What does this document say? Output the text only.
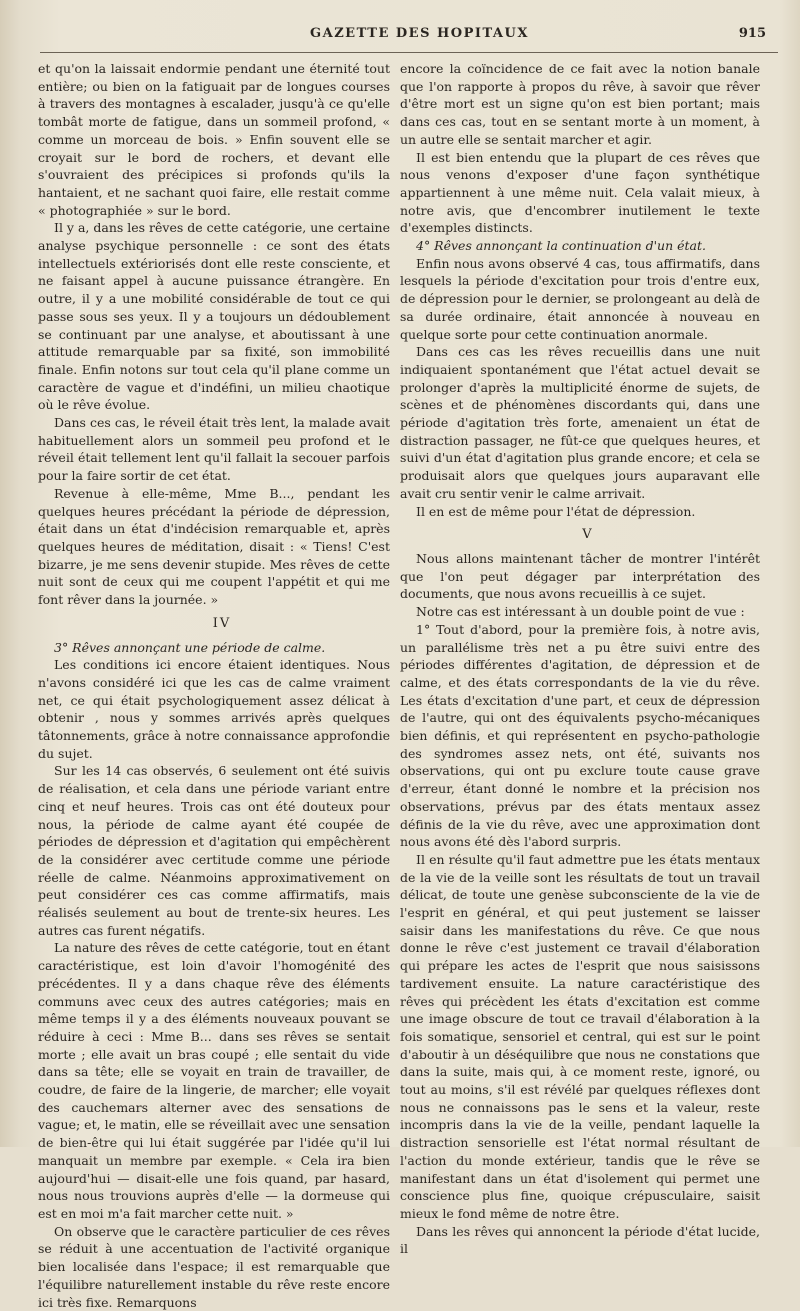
GAZETTE DES HOPITAUX	915

et qu'on la laissait endormie pendant une éternité tout entière; ou bien on la fatiguait par de longues courses à travers des montagnes à escalader, jusqu'à ce qu'elle tombât morte de fatigue, dans un sommeil profond, « comme un morceau de bois. » Enfin souvent elle se croyait sur le bord de rochers, et devant elle s'ouvraient des précipices si profonds qu'ils la hantaient, et ne sachant quoi faire, elle restait comme « photographiée » sur le bord.

Il y a, dans les rêves de cette catégorie, une certaine analyse psychique personnelle : ce sont des états intellectuels extériorisés dont elle reste consciente, et ne faisant appel à aucune puissance étrangère. En outre, il y a une mobilité considérable de tout ce qui passe sous ses yeux. Il y a toujours un dédoublement se continuant par une analyse, et aboutissant à une attitude remarquable par sa fixité, son immobilité finale. Enfin notons sur tout cela qu'il plane comme un caractère de vague et d'indéfini, un milieu chaotique où le rêve évolue.

Dans ces cas, le réveil était très lent, la malade avait habituellement alors un sommeil peu profond et le réveil était tellement lent qu'il fallait la secouer parfois pour la faire sortir de cet état.

Revenue à elle-même, Mme B..., pendant les quelques heures précédant la période de dépression, était dans un état d'indécision remarquable et, après quelques heures de méditation, disait : « Tiens! C'est bizarre, je me sens devenir stupide. Mes rêves de cette nuit sont de ceux qui me coupent l'appétit et qui me font rêver dans la journée. »

IV

3° Rêves annonçant une période de calme.

Les conditions ici encore étaient identiques. Nous n'avons considéré ici que les cas de calme vraiment net, ce qui était psychologiquement assez délicat à obtenir , nous y sommes arrivés après quelques tâtonnements, grâce à notre connaissance approfondie du sujet.

Sur les 14 cas observés, 6 seulement ont été suivis de réalisation, et cela dans une période variant entre cinq et neuf heures. Trois cas ont été douteux pour nous, la période de calme ayant été coupée de périodes de dépression et d'agitation qui empêchèrent de la considérer avec certitude comme une période réelle de calme. Néanmoins approximativement on peut considérer ces cas comme affirmatifs, mais réalisés seulement au bout de trente-six heures. Les autres cas furent négatifs.

La nature des rêves de cette catégorie, tout en étant caractéristique, est loin d'avoir l'homogénité des précédentes. Il y a dans chaque rêve des éléments communs avec ceux des autres catégories; mais en même temps il y a des éléments nouveaux pouvant se réduire à ceci : Mme B... dans ses rêves se sentait morte ; elle avait un bras coupé ; elle sentait du vide dans sa tête; elle se voyait en train de travailler, de coudre, de faire de la lingerie, de marcher; elle voyait des cauchemars alterner avec des sensations de vague; et, le matin, elle se réveillait avec une sensation de bien-être qui lui était suggérée par l'idée qu'il lui manquait un membre par exemple. « Cela ira bien aujourd'hui — disait-elle une fois quand, par hasard, nous nous trouvions auprès d'elle — la dormeuse qui est en moi m'a fait marcher cette nuit. »

On observe que le caractère particulier de ces rêves se réduit à une accentuation de l'activité organique bien localisée dans l'espace; il est remarquable que l'équilibre naturellement instable du rêve reste encore ici très fixe. Remarquons

encore la coïncidence de ce fait avec la notion banale que l'on rapporte à propos du rêve, à savoir que rêver d'être mort est un signe qu'on est bien portant; mais dans ces cas, tout en se sentant morte à un moment, à un autre elle se sentait marcher et agir.

Il est bien entendu que la plupart de ces rêves que nous venons d'exposer d'une façon synthétique appartiennent à une même nuit. Cela valait mieux, à notre avis, que d'encombrer inutilement le texte d'exemples distincts.

4° Rêves annonçant la continuation d'un état.

Enfin nous avons observé 4 cas, tous affirmatifs, dans lesquels la période d'excitation pour trois d'entre eux, de dépression pour le dernier, se prolongeant au delà de sa durée ordinaire, était annoncée à nouveau en quelque sorte pour cette continuation anormale.

Dans ces cas les rêves recueillis dans une nuit indiquaient spontanément que l'état actuel devait se prolonger d'après la multiplicité énorme de sujets, de scènes et de phénomènes discordants qui, dans une période d'agitation très forte, amenaient un état de distraction passager, ne fût-ce que quelques heures, et suivi d'un état d'agitation plus grande encore; et cela se produisait alors que quelques jours auparavant elle avait cru sentir venir le calme arrivait.

Il en est de même pour l'état de dépression.

V

Nous allons maintenant tâcher de montrer l'intérêt que l'on peut dégager par interprétation des documents, que nous avons recueillis à ce sujet.

Notre cas est intéressant à un double point de vue :

1° Tout d'abord, pour la première fois, à notre avis, un parallélisme très net a pu être suivi entre des périodes différentes d'agitation, de dépression et de calme, et des états correspondants de la vie du rêve. Les états d'excitation d'une part, et ceux de dépression de l'autre, qui ont des équivalents psycho-mécaniques bien définis, et qui représentent en psycho-pathologie des syndromes assez nets, ont été, suivants nos observations, qui ont pu exclure toute cause grave d'erreur, étant donné le nombre et la précision nos observations, prévus par des états mentaux assez définis de la vie du rêve, avec une approximation dont nous avons été dès l'abord surpris.

Il en résulte qu'il faut admettre pue les états mentaux de la vie de la veille sont les résultats de tout un travail délicat, de toute une genèse subconsciente de la vie de l'esprit en général, et qui peut justement se laisser saisir dans les manifestations du rêve. Ce que nous donne le rêve c'est justement ce travail d'élaboration qui prépare les actes de l'esprit que nous saisissons tardivement ensuite. La nature caractéristique des rêves qui précèdent les états d'excitation est comme une image obscure de tout ce travail d'élaboration à la fois somatique, sensoriel et central, qui est sur le point d'aboutir à un déséquilibre que nous ne constations que dans la suite, mais qui, à ce moment reste, ignoré, ou tout au moins, s'il est révélé par quelques réflexes dont nous ne connaissons pas le sens et la valeur, reste incompris dans la vie de la veille, pendant laquelle la distraction sensorielle est l'état normal résultant de l'action du monde extérieur, tandis que le rêve se manifestant dans un état d'isolement qui permet une conscience plus fine, quoique crépusculaire, saisit mieux le fond même de notre être.

Dans les rêves qui annoncent la période d'état lucide, il
